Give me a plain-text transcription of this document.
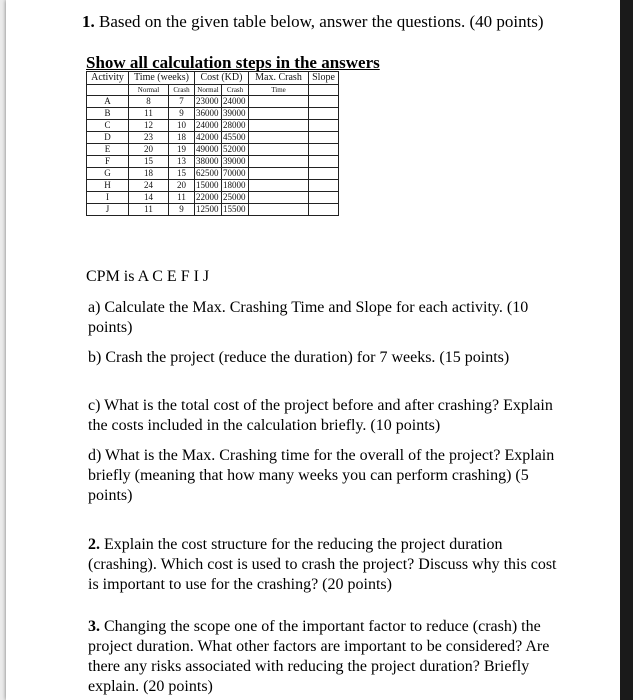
1. Based on the given table below, answer the questions. (40 points)
Show all calculation steps in the answers
Activity	Time (weeks)		Cost (KD)		Max. Crash	Slope
	Normal	Crash	Normal	Crash	Time	
A	8	7	23000	24000		
B	11	9	36000	39000		
C	12	10	24000	28000		
D	23	18	42000	45500		
E	20	19	49000	52000		
F	15	13	38000	39000		
G	18	15	62500	70000		
H	24	20	15000	18000		
I	14	11	22000	25000		
J	11	9	12500	15500		
CPM is A C E F I J
a) Calculate the Max. Crashing Time and Slope for each activity. (10 points)
b) Crash the project (reduce the duration) for 7 weeks. (15 points)
c) What is the total cost of the project before and after crashing? Explain the costs included in the calculation briefly. (10 points)
d) What is the Max. Crashing time for the overall of the project? Explain briefly (meaning that how many weeks you can perform crashing) (5 points)
2. Explain the cost structure for the reducing the project duration (crashing). Which cost is used to crash the project? Discuss why this cost is important to use for the crashing? (20 points)
3. Changing the scope one of the important factor to reduce (crash) the project duration. What other factors are important to be considered? Are there any risks associated with reducing the project duration? Briefly explain. (20 points)
